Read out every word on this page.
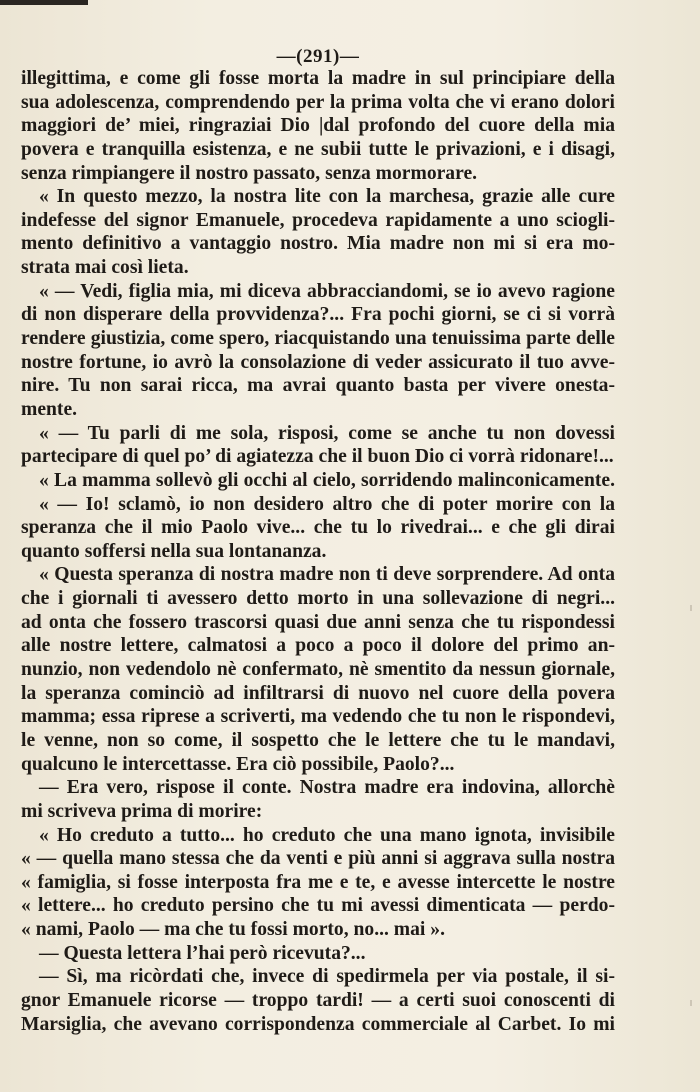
—(291)—
illegittima, e come gli fosse morta la madre in sul principiare della
sua adolescenza, comprendendo per la prima volta che vi erano dolori
maggiori de’ miei, ringraziai Dio |dal profondo del cuore della mia
povera e tranquilla esistenza, e ne subii tutte le privazioni, e i disagi,
senza rimpiangere il nostro passato, senza mormorare.
« In questo mezzo, la nostra lite con la marchesa, grazie alle cure
indefesse del signor Emanuele, procedeva rapidamente a uno sciogli-
mento definitivo a vantaggio nostro. Mia madre non mi si era mo-
strata mai così lieta.
« — Vedi, figlia mia, mi diceva abbracciandomi, se io avevo ragione
di non disperare della provvidenza?... Fra pochi giorni, se ci si vorrà
rendere giustizia, come spero, riacquistando una tenuissima parte delle
nostre fortune, io avrò la consolazione di veder assicurato il tuo avve-
nire. Tu non sarai ricca, ma avrai quanto basta per vivere onesta-
mente.
« — Tu parli di me sola, risposi, come se anche tu non dovessi
partecipare di quel po’ di agiatezza che il buon Dio ci vorrà ridonare!...
« La mamma sollevò gli occhi al cielo, sorridendo malinconicamente.
« — Io! sclamò, io non desidero altro che di poter morire con la
speranza che il mio Paolo vive... che tu lo rivedrai... e che gli dirai
quanto soffersi nella sua lontananza.
« Questa speranza di nostra madre non ti deve sorprendere. Ad onta
che i giornali ti avessero detto morto in una sollevazione di negri...
ad onta che fossero trascorsi quasi due anni senza che tu rispondessi
alle nostre lettere, calmatosi a poco a poco il dolore del primo an-
nunzio, non vedendolo nè confermato, nè smentito da nessun giornale,
la speranza cominciò ad infiltrarsi di nuovo nel cuore della povera
mamma; essa riprese a scriverti, ma vedendo che tu non le rispondevi,
le venne, non so come, il sospetto che le lettere che tu le mandavi,
qualcuno le intercettasse. Era ciò possibile, Paolo?...
— Era vero, rispose il conte. Nostra madre era indovina, allorchè
mi scriveva prima di morire:
« Ho creduto a tutto... ho creduto che una mano ignota, invisibile
« — quella mano stessa che da venti e più anni si aggrava sulla nostra
« famiglia, si fosse interposta fra me e te, e avesse intercette le nostre
« lettere... ho creduto persino che tu mi avessi dimenticata — perdo-
« nami, Paolo — ma che tu fossi morto, no... mai ».
— Questa lettera l’hai però ricevuta?...
— Sì, ma ricòrdati che, invece di spedirmela per via postale, il si-
gnor Emanuele ricorse — troppo tardi! — a certi suoi conoscenti di
Marsiglia, che avevano corrispondenza commerciale al Carbet. Io mi
